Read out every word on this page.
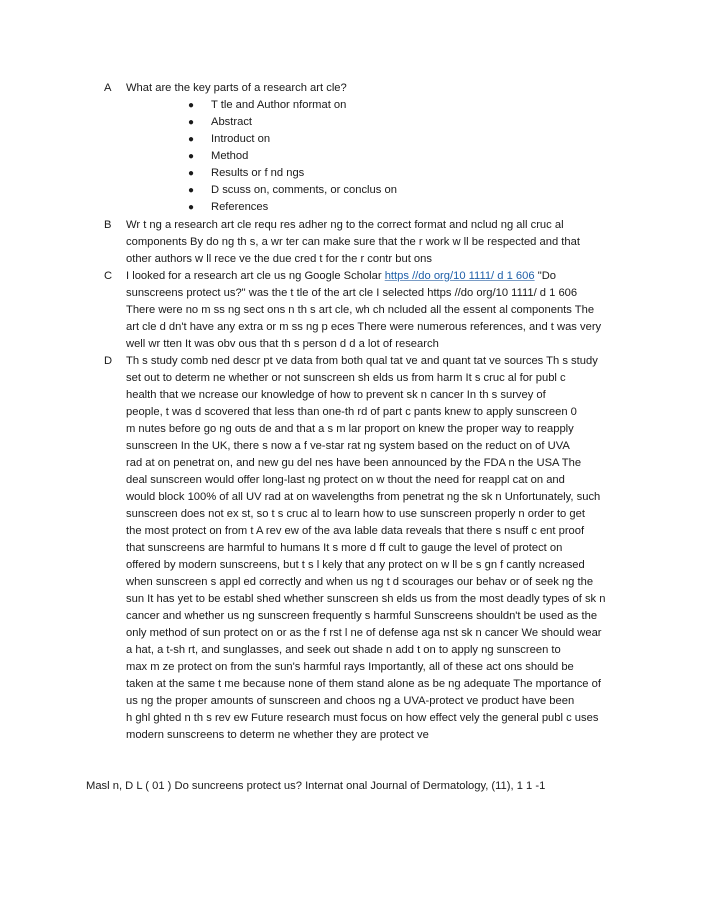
A What are the key parts of a research art cle?
● T tle and Author nformat on
● Abstract
● Introduct on
● Method
● Results or f nd ngs
● D scuss on, comments, or conclus on
● References
B Wr t ng a research art cle requ res adher ng to the correct format and nclud ng all cruc al
components By do ng th s, a wr ter can make sure that the r work w ll be respected and that
other authors w ll rece ve the due cred t for the r contr but ons
C I looked for a research art cle us ng Google Scholar https //do org/10 1111/ d 1 606 "Do
sunscreens protect us?" was the t tle of the art cle I selected https //do org/10 1111/ d 1 606
There were no m ss ng sect ons n th s art cle, wh ch ncluded all the essent al components The
art cle d dn't have any extra or m ss ng p eces There were numerous references, and t was very
well wr tten It was obv ous that th s person d d a lot of research
D Th s study comb ned descr pt ve data from both qual tat ve and quant tat ve sources Th s study
set out to determ ne whether or not sunscreen sh elds us from harm It s cruc al for publ c
health that we ncrease our knowledge of how to prevent sk n cancer In th s survey of
people, t was d scovered that less than one-th rd of part c pants knew to apply sunscreen 0
m nutes before go ng outs de and that a s m lar proport on knew the proper way to reapply
sunscreen In the UK, there s now a f ve-star rat ng system based on the reduct on of UVA
rad at on penetrat on, and new gu del nes have been announced by the FDA n the USA The
deal sunscreen would offer long-last ng protect on w thout the need for reappl cat on and
would block 100% of all UV rad at on wavelengths from penetrat ng the sk n Unfortunately, such
sunscreen does not ex st, so t s cruc al to learn how to use sunscreen properly n order to get
the most protect on from t A rev ew of the ava lable data reveals that there s nsuff c ent proof
that sunscreens are harmful to humans It s more d ff cult to gauge the level of protect on
offered by modern sunscreens, but t s l kely that any protect on w ll be s gn f cantly ncreased
when sunscreen s appl ed correctly and when us ng t d scourages our behav or of seek ng the
sun It has yet to be establ shed whether sunscreen sh elds us from the most deadly types of sk n
cancer and whether us ng sunscreen frequently s harmful Sunscreens shouldn't be used as the
only method of sun protect on or as the f rst l ne of defense aga nst sk n cancer We should wear
a hat, a t-sh rt, and sunglasses, and seek out shade n add t on to apply ng sunscreen to
max m ze protect on from the sun's harmful rays Importantly, all of these act ons should be
taken at the same t me because none of them stand alone as be ng adequate The mportance of
us ng the proper amounts of sunscreen and choos ng a UVA-protect ve product have been
h ghl ghted n th s rev ew Future research must focus on how effect vely the general publ c uses
modern sunscreens to determ ne whether they are protect ve
Masl n, D L ( 01 ) Do suncreens protect us? Internat onal Journal of Dermatology, (11), 1 1 -1
